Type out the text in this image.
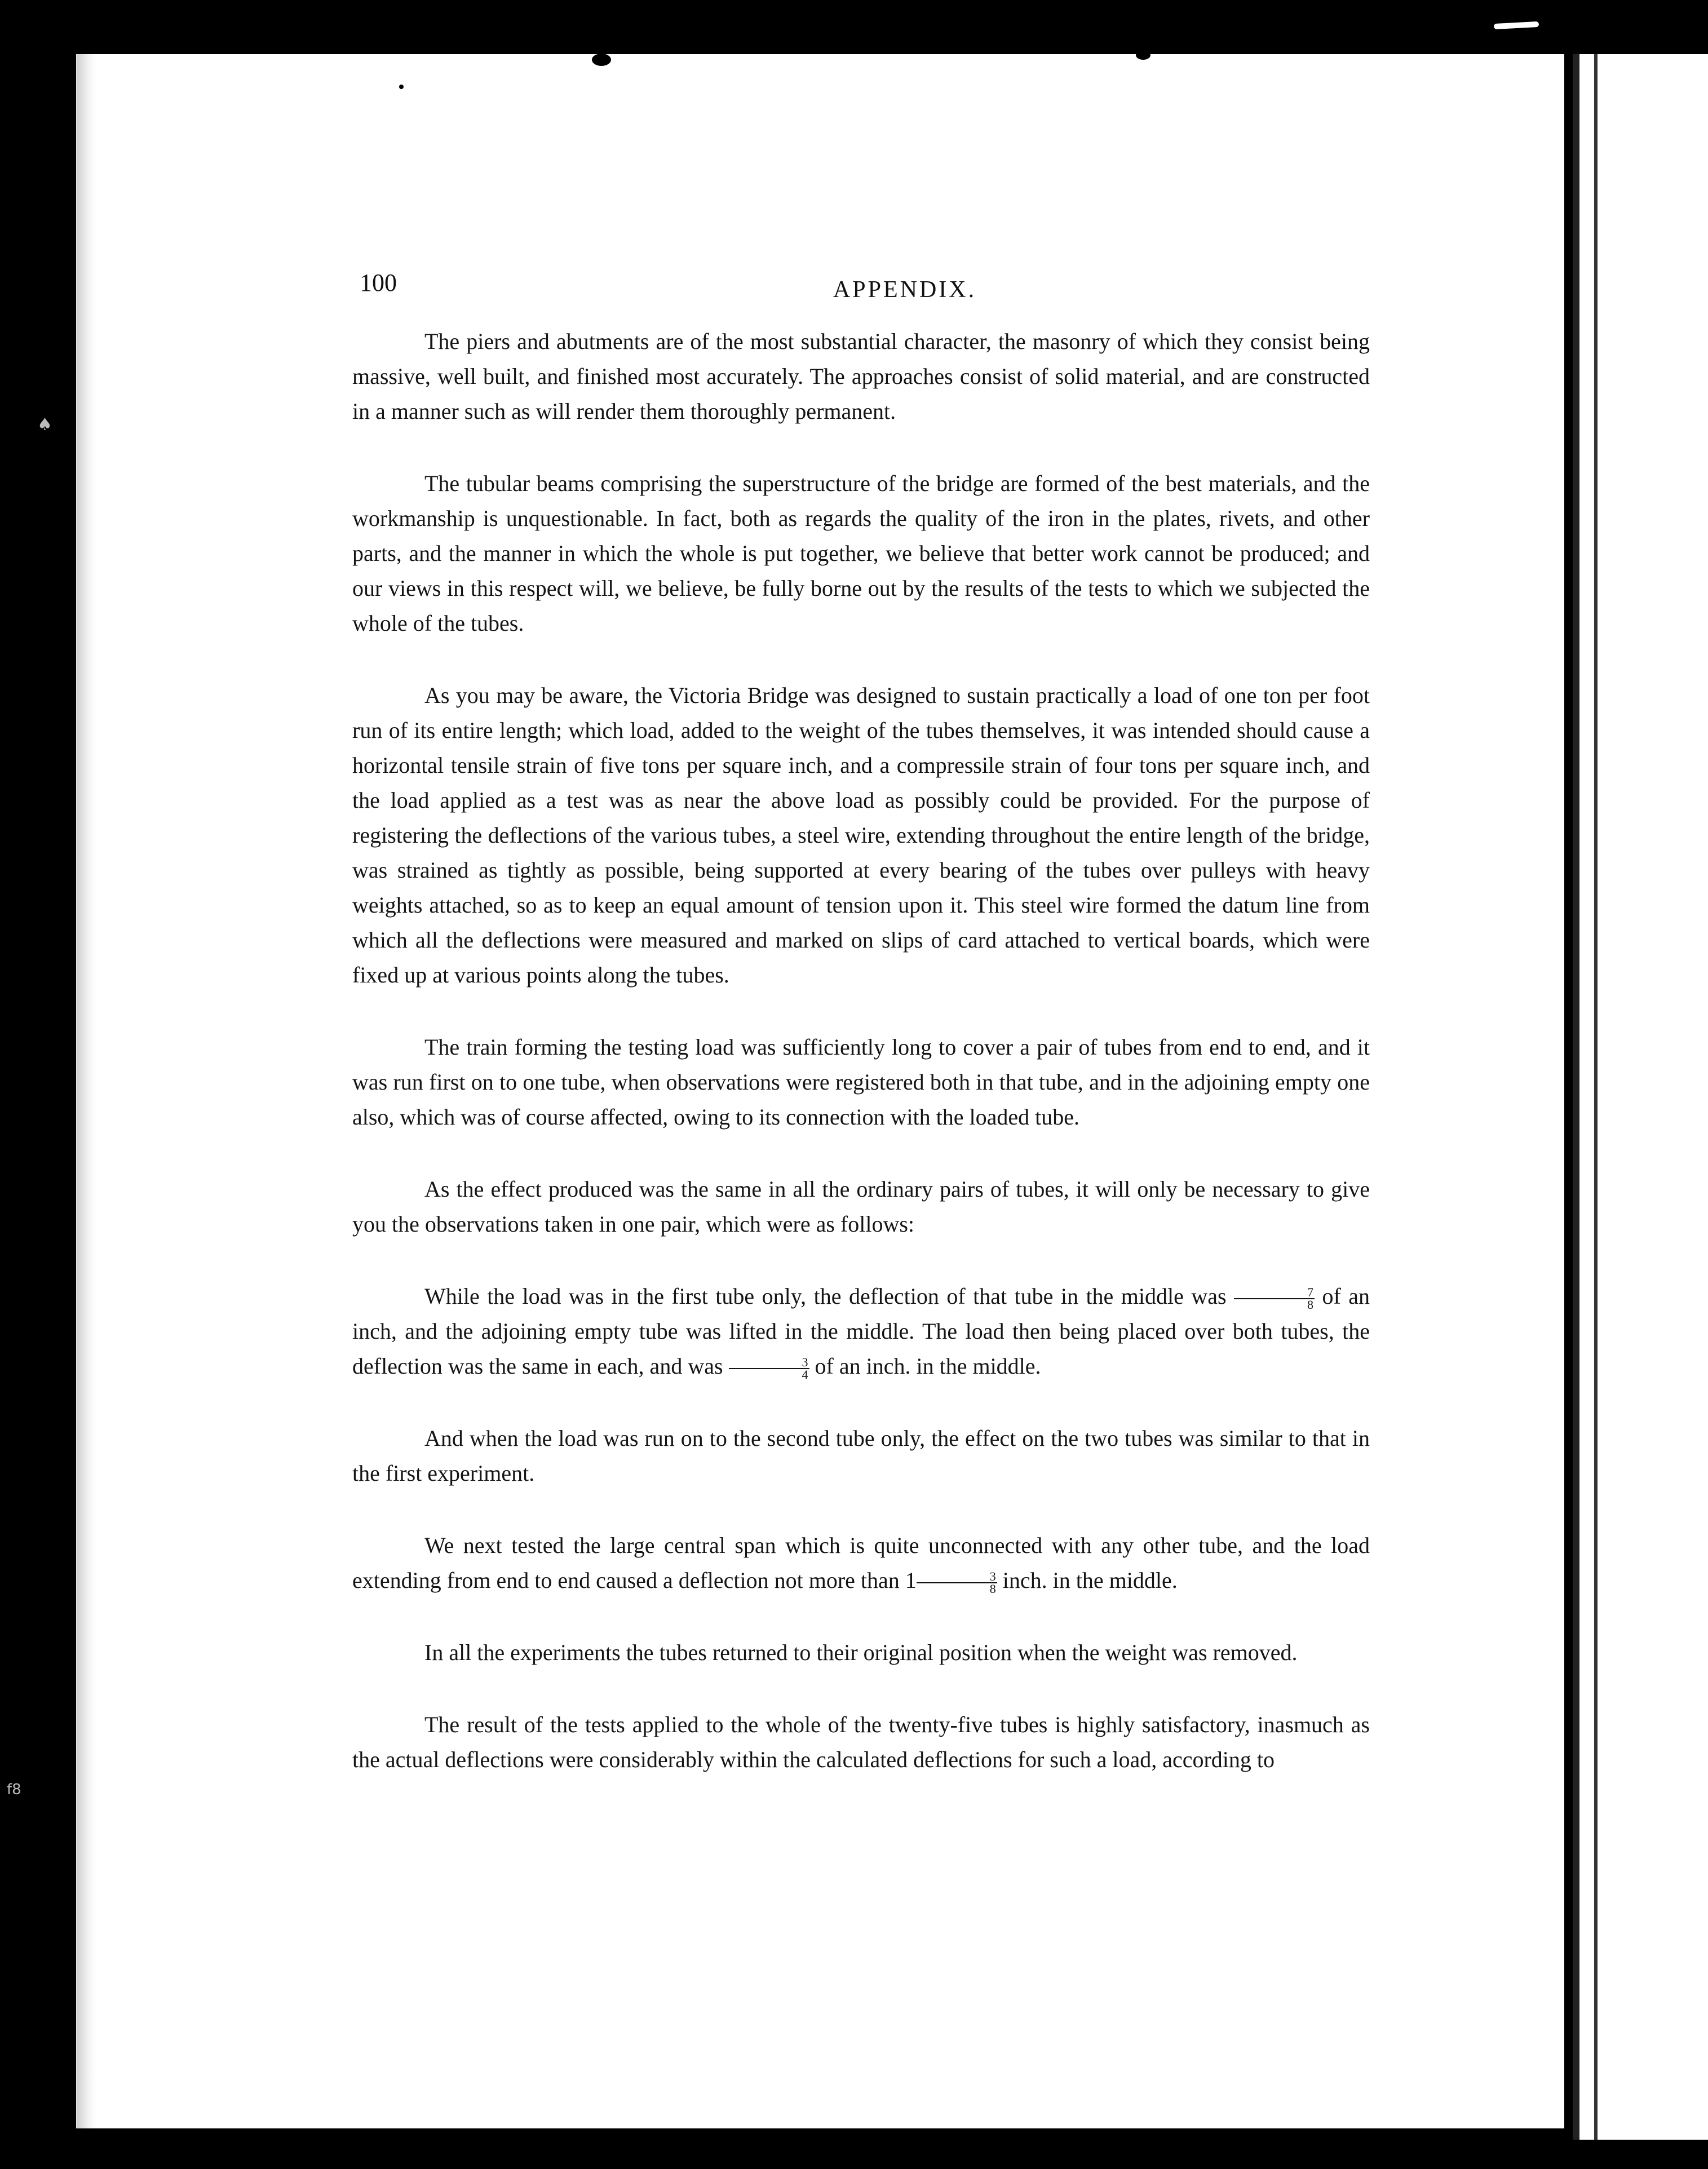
♠
f8
100	APPENDIX.

The piers and abutments are of the most substantial character, the masonry of which they consist being massive, well built, and finished most accurately. The approaches consist of solid material, and are constructed in a manner such as will render them thoroughly permanent.

The tubular beams comprising the superstructure of the bridge are formed of the best materials, and the workmanship is unquestionable. In fact, both as regards the quality of the iron in the plates, rivets, and other parts, and the manner in which the whole is put together, we believe that better work cannot be produced; and our views in this respect will, we believe, be fully borne out by the results of the tests to which we subjected the whole of the tubes.

As you may be aware, the Victoria Bridge was designed to sustain practically a load of one ton per foot run of its entire length; which load, added to the weight of the tubes themselves, it was intended should cause a horizontal tensile strain of five tons per square inch, and a compressile strain of four tons per square inch, and the load applied as a test was as near the above load as possibly could be provided. For the purpose of registering the deflections of the various tubes, a steel wire, extending throughout the entire length of the bridge, was strained as tightly as possible, being supported at every bearing of the tubes over pulleys with heavy weights attached, so as to keep an equal amount of tension upon it. This steel wire formed the datum line from which all the deflections were measured and marked on slips of card attached to vertical boards, which were fixed up at various points along the tubes.

The train forming the testing load was sufficiently long to cover a pair of tubes from end to end, and it was run first on to one tube, when observations were registered both in that tube, and in the adjoining empty one also, which was of course affected, owing to its connection with the loaded tube.

As the effect produced was the same in all the ordinary pairs of tubes, it will only be necessary to give you the observations taken in one pair, which were as follows:

While the load was in the first tube only, the deflection of that tube in the middle was $\frac{7}{8}$ of an inch, and the adjoining empty tube was lifted in the middle. The load then being placed over both tubes, the deflection was the same in each, and was $\frac{3}{4}$ of an inch. in the middle.

And when the load was run on to the second tube only, the effect on the two tubes was similar to that in the first experiment.

We next tested the large central span which is quite unconnected with any other tube, and the load extending from end to end caused a deflection not more than $1 \frac{3}{8}$ inch. in the middle.

In all the experiments the tubes returned to their original position when the weight was removed.

The result of the tests applied to the whole of the twenty-five tubes is highly satisfactory, inasmuch as the actual deflections were considerably within the calculated deflections for such a load, according to
